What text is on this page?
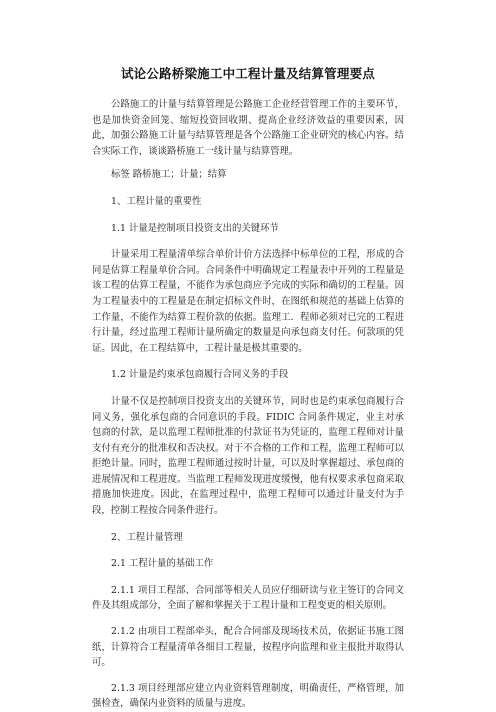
试论公路桥梁施工中工程计量及结算管理要点

公路施工的计量与结算管理是公路施工企业经营管理工作的主要环节，也是加快资金回笼、缩短投资回收期、提高企业经济效益的重要因素，因此，加强公路施工计量与结算管理是各个公路施工企业研究的核心内容。结合实际工作，谈谈路桥施工一线计量与结算管理。

标签 路桥施工；计量；结算

1、工程计量的重要性

1.1 计量是控制项目投资支出的关键环节

计量采用工程量清单综合单价计价方法选择中标单位的工程，形成的合同是估算工程量单价合同。合同条件中明确规定工程量表中开列的工程量是该工程的估算工程量，不能作为承包商应予完成的实际和确切的工程量。因为工程量表中的工程量是在制定招标文件时，在图纸和规范的基础上估算的工作量，不能作为结算工程价款的依据。监理工．程师必须对已完的工程进行计量，经过监理工程师计量所确定的数量是向承包商支付任。何款项的凭证。因此，在工程结算中，工程计量是极其重要的。

1.2 计量是约束承包商履行合同义务的手段

计量不仅是控制项目投资支出的关键环节，同时也是约束承包商履行合同义务，强化承包商的合同意识的手段。FIDIC 合同条件规定，业主对承包商的付款，是以监理工程师批准的付款证书为凭证的，监理工程师对计量支付有充分的批准权和否决权。对于不合格的工作和工程，监理工程师可以拒绝计量。同时，监理工程师通过按时计量，可以及时掌握超过、承包商的进展情况和工程进度。当监理工程师发现进度缓慢，他有权要求承包商采取措施加快进度。因此，在监理过程中，监理工程师可以通过计量支付为手段，控制工程按合同条件进行。

2、工程计量管理

2.1 工程计量的基础工作

2.1.1 项目工程部、合同部等相关人员应仔细研读与业主签订的合同文件及其组成部分，全面了解和掌握关于工程计量和工程变更的相关原则。

2.1.2 由项目工程部牵头，配合合同部及现场技术员，依据证书施工图纸，计算符合工程量清单各细目工程量，按程序向监理和业主报批并取得认可。

2.1.3 项目经理部应建立内业资料管理制度，明确责任，严格管理，加强检查，确保内业资料的质量与进度。
